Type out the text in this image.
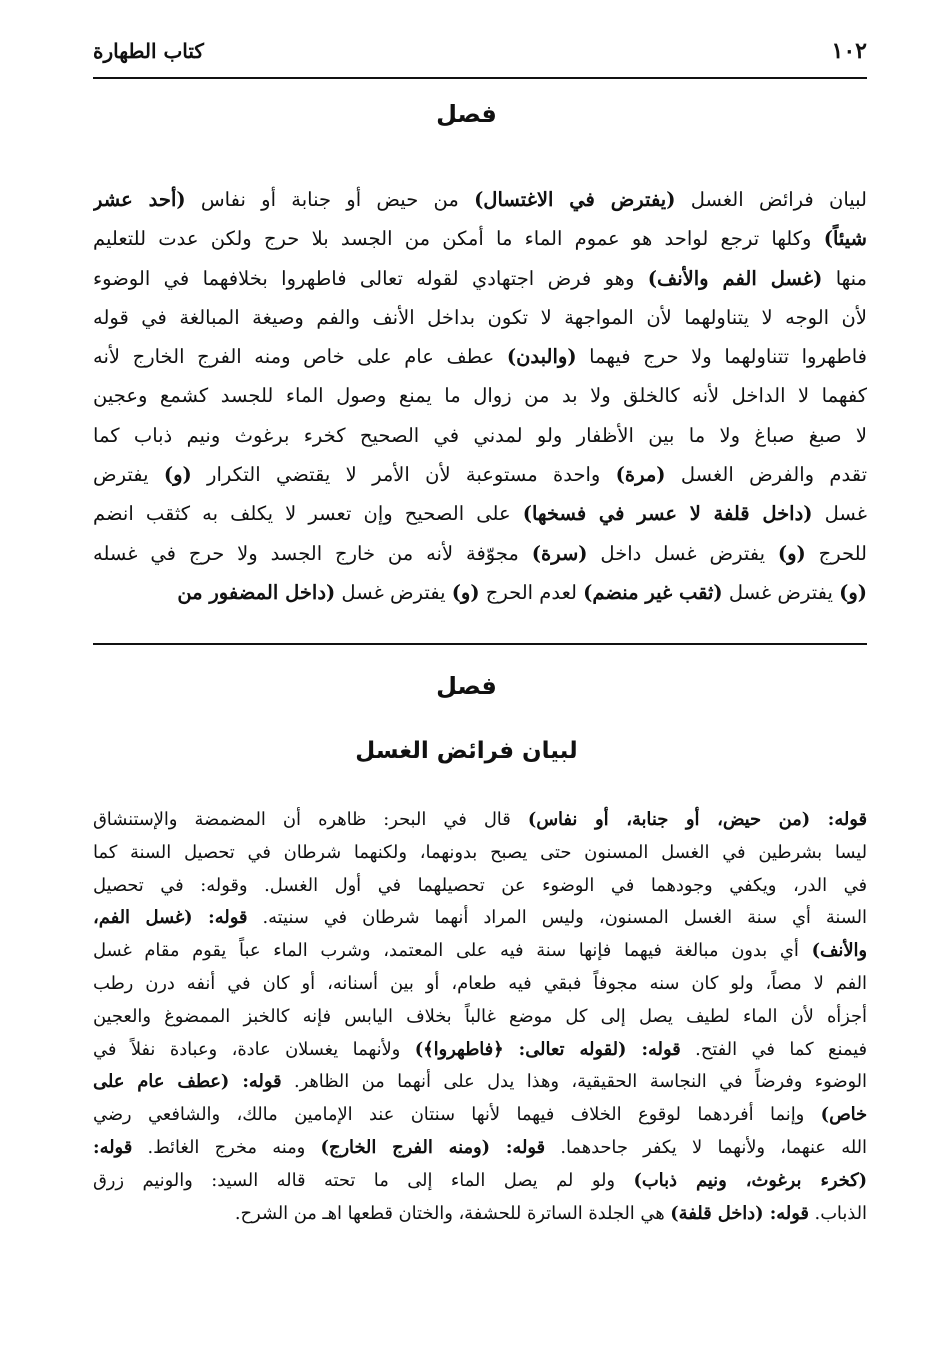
١٠٢
كتاب الطهارة
فصل
لبيان فرائض الغسل (يفترض في الاغتسال) من حيض أو جنابة أو نفاس (أحد عشر
شيئاً) وكلها ترجع لواحد هو عموم الماء ما أمكن من الجسد بلا حرج ولكن عدت للتعليم
منها (غسل الفم والأنف) وهو فرض اجتهادي لقوله تعالى فاطهروا بخلافهما في الوضوء
لأن الوجه لا يتناولهما لأن المواجهة لا تكون بداخل الأنف والفم وصيغة المبالغة في قوله
فاطهروا تتناولهما ولا حرج فيهما (والبدن) عطف عام على خاص ومنه الفرج الخارج لأنه
كفهما لا الداخل لأنه كالخلق ولا بد من زوال ما يمنع وصول الماء للجسد كشمع وعجين
لا صبغ صباغ ولا ما بين الأظفار ولو لمدني في الصحيح كخرء برغوث ونيم ذباب كما
تقدم والفرض الغسل (مرة) واحدة مستوعبة لأن الأمر لا يقتضي التكرار (و) يفترض
غسل (داخل قلفة لا عسر في فسخها) على الصحيح وإن تعسر لا يكلف به كثقب انضم
للحرج (و) يفترض غسل داخل (سرة) مجوّفة لأنه من خارج الجسد ولا حرج في غسله
(و) يفترض غسل (ثقب غير منضم) لعدم الحرج (و) يفترض غسل (داخل المضفور من
فصل
لبيان فرائض الغسل
قوله: (من حيض، أو جنابة، أو نفاس) قال في البحر: ظاهره أن المضمضة والإستنشاق
ليسا بشرطين في الغسل المسنون حتى يصبح بدونهما، ولكنهما شرطان في تحصيل السنة كما
في الدر، ويكفي وجودهما في الوضوء عن تحصيلهما في أول الغسل. وقوله: في تحصيل
السنة أي سنة الغسل المسنون، وليس المراد أنهما شرطان في سنيته. قوله: (غسل الفم،
والأنف) أي بدون مبالغة فيهما فإنها سنة فيه على المعتمد، وشرب الماء عباً يقوم مقام غسل
الفم لا مصاً، ولو كان سنه مجوفاً فبقي فيه طعام، أو بين أسنانه، أو كان في أنفه درن رطب
أجزأه لأن الماء لطيف يصل إلى كل موضع غالباً بخلاف اليابس فإنه كالخبز الممضوغ والعجين
فيمنع كما في الفتح. قوله: (لقوله تعالى: ﴿فاطهروا﴾) ولأنهما يغسلان عادة، وعبادة نفلاً في
الوضوء وفرضاً في النجاسة الحقيقية، وهذا يدل على أنهما من الظاهر. قوله: (عطف عام على
خاص) وإنما أفردهما لوقوع الخلاف فيهما لأنها سنتان عند الإمامين مالك، والشافعي رضي
الله عنهما، ولأنهما لا يكفر جاحدهما. قوله: (ومنه الفرج الخارج) ومنه مخرج الغائط. قوله:
(كخرء برغوث، ونيم ذباب) ولو لم يصل الماء إلى ما تحته قاله السيد: والونيم زرق
الذباب. قوله: (داخل قلفة) هي الجلدة الساترة للحشفة، والختان قطعها اهـ من الشرح.
